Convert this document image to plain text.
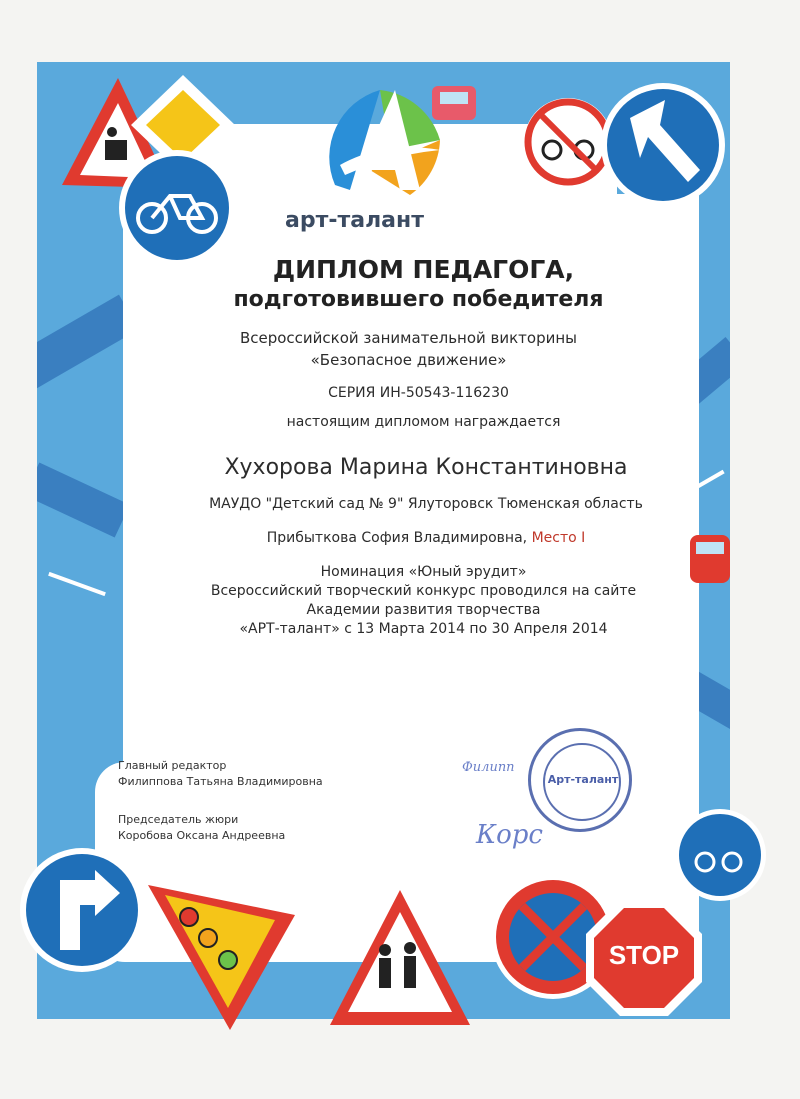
STOP
арт-талант
ДИПЛОМ ПЕДАГОГА,
подготовившего победителя
Всероссийской занимательной викторины «Безопасное движение»
СЕРИЯ ИН-50543-116230
настоящим дипломом награждается
Хухорова Марина Константиновна
МАУДО "Детский сад № 9" Ялуторовск Тюменская область
Прибыткова София Владимировна, Место I
Номинация «Юный эрудит»
Всероссийский творческий конкурс проводился на сайте
Академии развития творчества
«АРТ-талант» с 13 Марта 2014 по 30 Апреля 2014
Главный редактор
Филиппова Татьяна Владимировна
Председатель жюри
Коробова Оксана Андреевна
Филипп
Корс
Арт-талант
